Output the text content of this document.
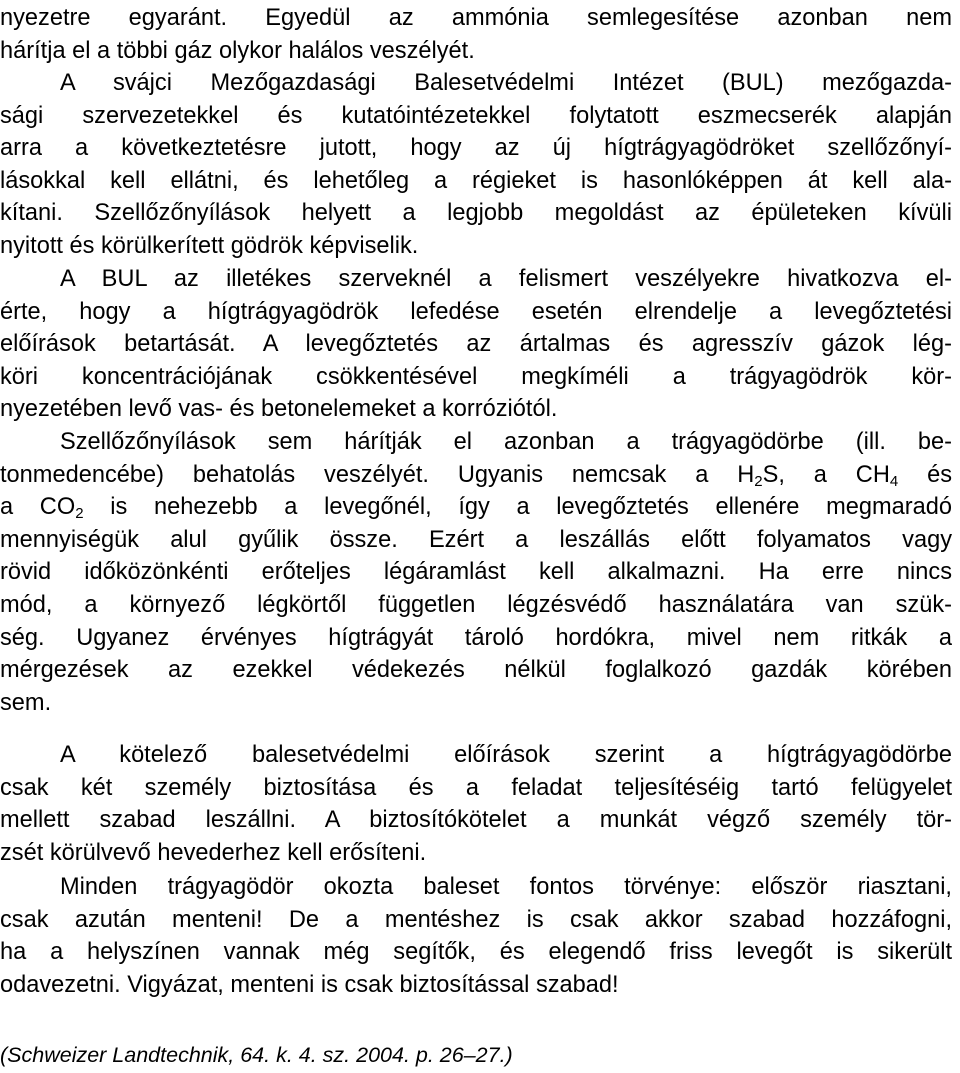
nyezetre egyaránt. Egyedül az ammónia semlegesítése azonban nem
hárítja el a többi gáz olykor halálos veszélyét.
A svájci Mezőgazdasági Balesetvédelmi Intézet (BUL) mezőgazda-
sági szervezetekkel és kutatóintézetekkel folytatott eszmecserék alapján
arra a következtetésre jutott, hogy az új hígtrágyagödröket szellőzőnyí-
lásokkal kell ellátni, és lehetőleg a régieket is hasonlóképpen át kell ala-
kítani. Szellőzőnyílások helyett a legjobb megoldást az épületeken kívüli
nyitott és körülkerített gödrök képviselik.
A BUL az illetékes szerveknél a felismert veszélyekre hivatkozva el-
érte, hogy a hígtrágyagödrök lefedése esetén elrendelje a levegőztetési
előírások betartását. A levegőztetés az ártalmas és agresszív gázok lég-
köri koncentrációjának csökkentésével megkíméli a trágyagödrök kör-
nyezetében levő vas- és betonelemeket a korróziótól.
Szellőzőnyílások sem hárítják el azonban a trágyagödörbe (ill. be-
tonmedencébe) behatolás veszélyét. Ugyanis nemcsak a $H_2S$, a $CH_4$ és
a $CO_2$ is nehezebb a levegőnél, így a levegőztetés ellenére megmaradó
mennyiségük alul gyűlik össze. Ezért a leszállás előtt folyamatos vagy
rövid időközönkénti erőteljes légáramlást kell alkalmazni. Ha erre nincs
mód, a környező légkörtől független légzésvédő használatára van szük-
ség. Ugyanez érvényes hígtrágyát tároló hordókra, mivel nem ritkák a
mérgezések az ezekkel védekezés nélkül foglalkozó gazdák körében
sem.
A kötelező balesetvédelmi előírások szerint a hígtrágyagödörbe
csak két személy biztosítása és a feladat teljesítéséig tartó felügyelet
mellett szabad leszállni. A biztosítókötelet a munkát végző személy tör-
zsét körülvevő hevederhez kell erősíteni.
Minden trágyagödör okozta baleset fontos törvénye: először riasztani,
csak azután menteni! De a mentéshez is csak akkor szabad hozzáfogni,
ha a helyszínen vannak még segítők, és elegendő friss levegőt is sikerült
odavezetni. Vigyázat, menteni is csak biztosítással szabad!
(Schweizer Landtechnik, 64. k. 4. sz. 2004. p. 26–27.)
